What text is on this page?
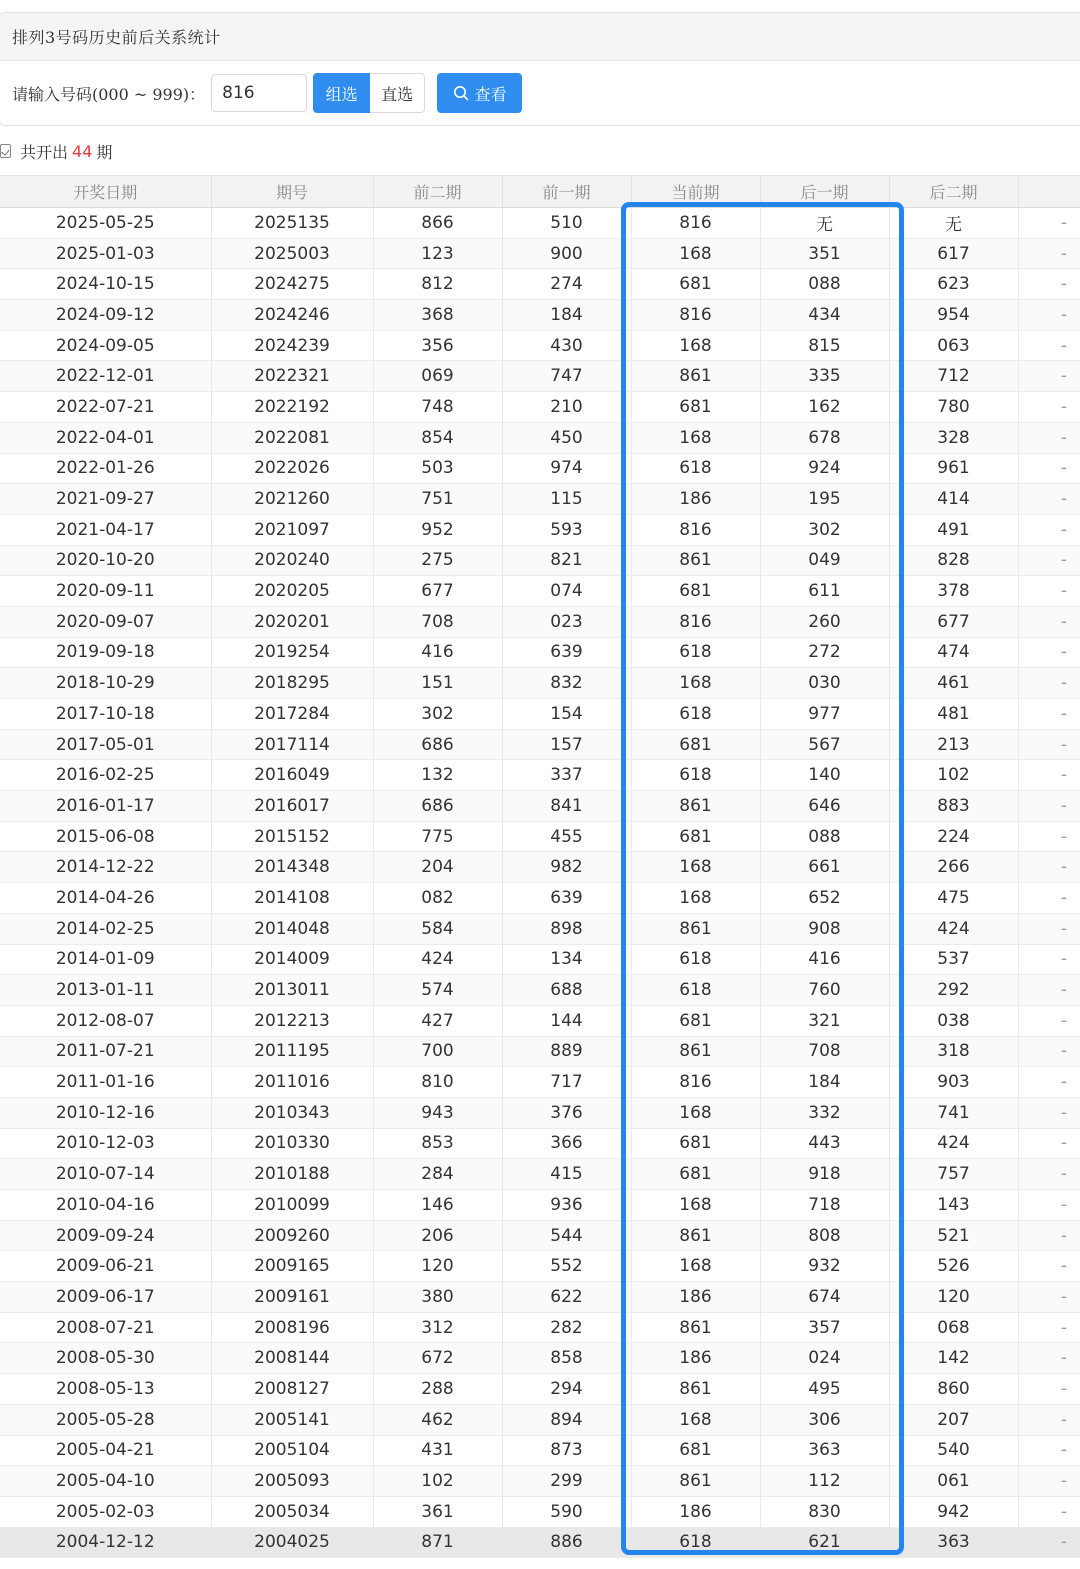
排列3号码历史前后关系统计
请输入号码(000 ~ 999)：
816	组选	直选	查看
共开出 44 期
开奖日期	期号	前二期	前一期	当前期	后一期	后二期	
2025-05-25	2025135	866	510	816	无	无	-
2025-01-03	2025003	123	900	168	351	617	-
2024-10-15	2024275	812	274	681	088	623	-
2024-09-12	2024246	368	184	816	434	954	-
2024-09-05	2024239	356	430	168	815	063	-
2022-12-01	2022321	069	747	861	335	712	-
2022-07-21	2022192	748	210	681	162	780	-
2022-04-01	2022081	854	450	168	678	328	-
2022-01-26	2022026	503	974	618	924	961	-
2021-09-27	2021260	751	115	186	195	414	-
2021-04-17	2021097	952	593	816	302	491	-
2020-10-20	2020240	275	821	861	049	828	-
2020-09-11	2020205	677	074	681	611	378	-
2020-09-07	2020201	708	023	816	260	677	-
2019-09-18	2019254	416	639	618	272	474	-
2018-10-29	2018295	151	832	168	030	461	-
2017-10-18	2017284	302	154	618	977	481	-
2017-05-01	2017114	686	157	681	567	213	-
2016-02-25	2016049	132	337	618	140	102	-
2016-01-17	2016017	686	841	861	646	883	-
2015-06-08	2015152	775	455	681	088	224	-
2014-12-22	2014348	204	982	168	661	266	-
2014-04-26	2014108	082	639	168	652	475	-
2014-02-25	2014048	584	898	861	908	424	-
2014-01-09	2014009	424	134	618	416	537	-
2013-01-11	2013011	574	688	618	760	292	-
2012-08-07	2012213	427	144	681	321	038	-
2011-07-21	2011195	700	889	861	708	318	-
2011-01-16	2011016	810	717	816	184	903	-
2010-12-16	2010343	943	376	168	332	741	-
2010-12-03	2010330	853	366	681	443	424	-
2010-07-14	2010188	284	415	681	918	757	-
2010-04-16	2010099	146	936	168	718	143	-
2009-09-24	2009260	206	544	861	808	521	-
2009-06-21	2009165	120	552	168	932	526	-
2009-06-17	2009161	380	622	186	674	120	-
2008-07-21	2008196	312	282	861	357	068	-
2008-05-30	2008144	672	858	186	024	142	-
2008-05-13	2008127	288	294	861	495	860	-
2005-05-28	2005141	462	894	168	306	207	-
2005-04-21	2005104	431	873	681	363	540	-
2005-04-10	2005093	102	299	861	112	061	-
2005-02-03	2005034	361	590	186	830	942	-
2004-12-12	2004025	871	886	618	621	363	-
